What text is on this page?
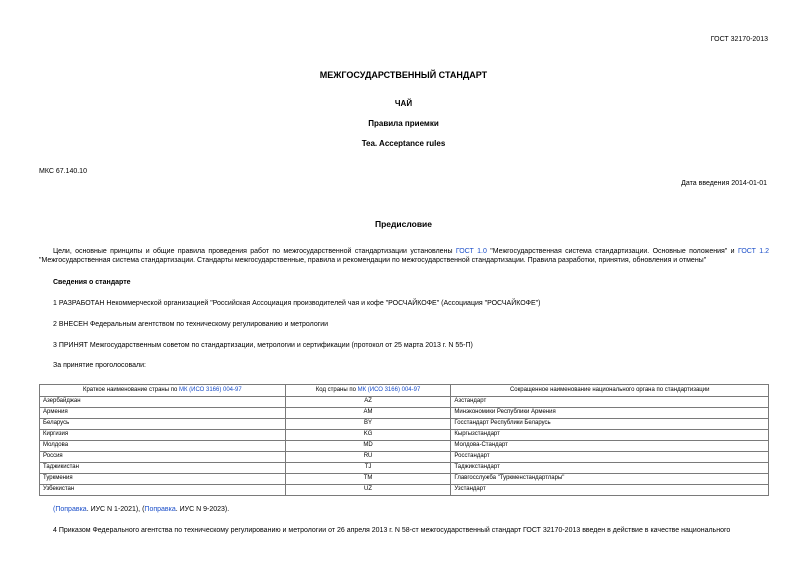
ГОСТ 32170-2013
МЕЖГОСУДАРСТВЕННЫЙ СТАНДАРТ
ЧАЙ
Правила приемки
Tea. Acceptance rules
МКС 67.140.10
Дата введения 2014-01-01
Предисловие
Цели, основные принципы и общие правила проведения работ по межгосударственной стандартизации установлены ГОСТ 1.0 "Межгосударственная система стандартизации. Основные положения" и ГОСТ 1.2 "Межгосударственная система стандартизации. Стандарты межгосударственные, правила и рекомендации по межгосударственной стандартизации. Правила разработки, принятия, обновления и отмены"
Сведения о стандарте
1 РАЗРАБОТАН Некоммерческой организацией "Российская Ассоциация производителей чая и кофе "РОСЧАЙКОФЕ" (Ассоциация "РОСЧАЙКОФЕ")
2 ВНЕСЕН Федеральным агентством по техническому регулированию и метрологии
3 ПРИНЯТ Межгосударственным советом по стандартизации, метрологии и сертификации (протокол от 25 марта 2013 г. N 55-П)
За принятие проголосовали:
Краткое наименование страны по МК (ИСО 3166) 004-97	Код страны по МК (ИСО 3166) 004-97	Сокращенное наименование национального органа по стандартизации
Азербайджан	AZ	Азстандарт
Армения	AM	Минэкономики Республики Армения
Беларусь	BY	Госстандарт Республики Беларусь
Киргизия	KG	Кыргызстандарт
Молдова	MD	Молдова-Стандарт
Россия	RU	Росстандарт
Таджикистан	TJ	Таджикстандарт
Туркмения	TM	Главгосслужба "Туркменстандартлары"
Узбекистан	UZ	Узстандарт
(Поправка. ИУС N 1-2021), (Поправка. ИУС N 9-2023).
4 Приказом Федерального агентства по техническому регулированию и метрологии от 26 апреля 2013 г. N 58-ст межгосударственный стандарт ГОСТ 32170-2013 введен в действие в качестве национального
